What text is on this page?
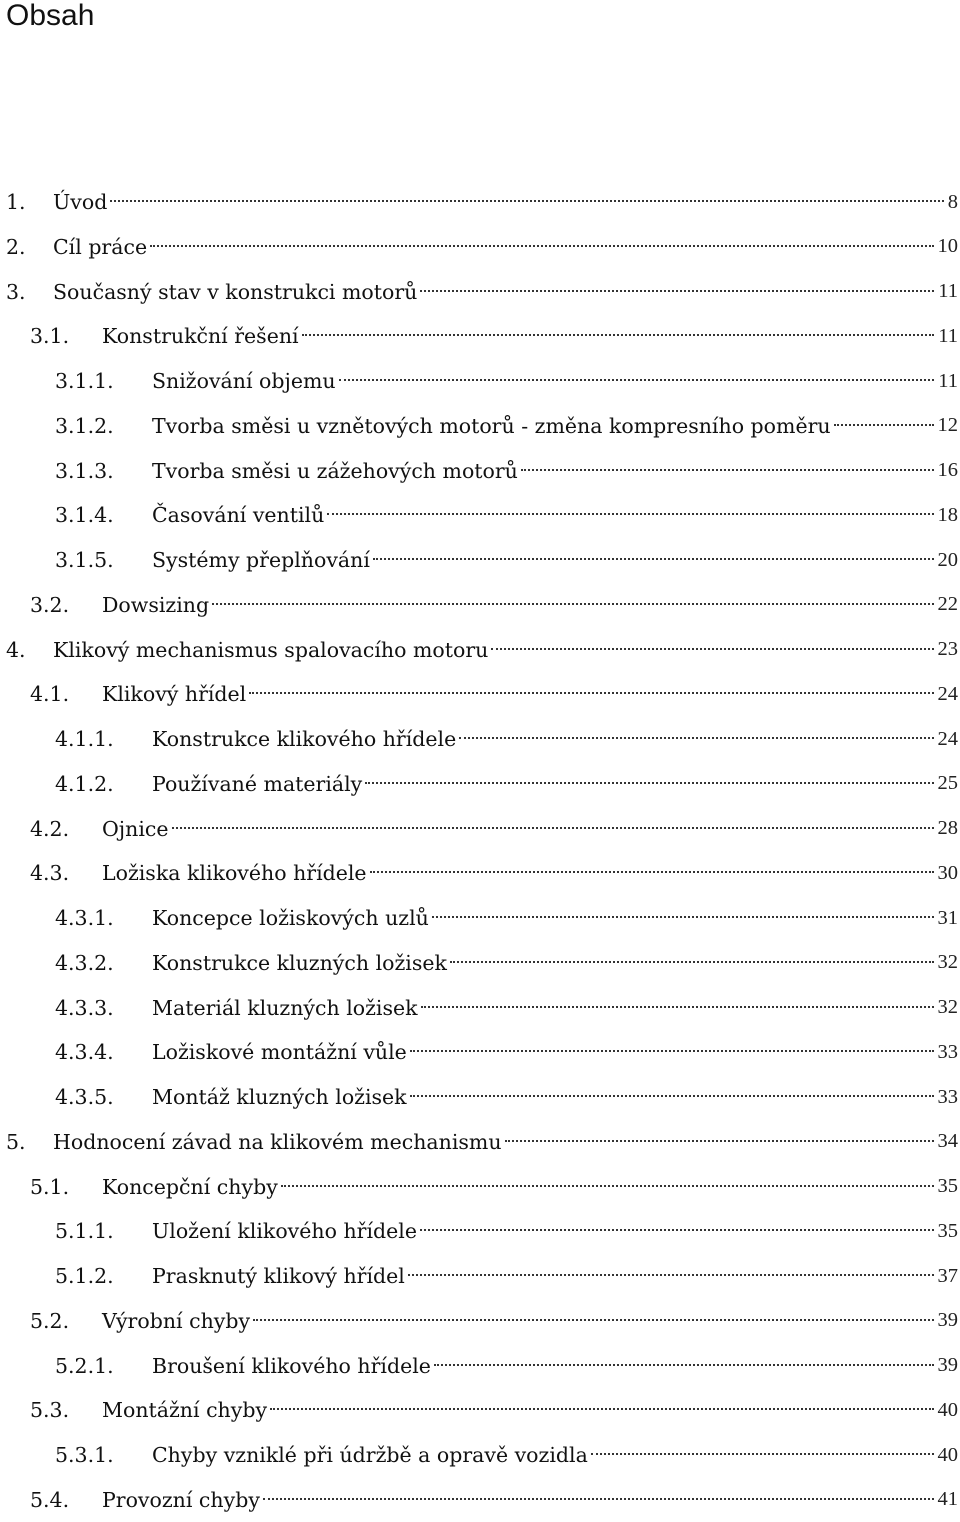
Obsah
1. Úvod	8
2. Cíl práce	10
3. Současný stav v konstrukci motorů	11
3.1. Konstrukční řešení	11
3.1.1. Snižování objemu	11
3.1.2. Tvorba směsi u vznětových motorů - změna kompresního poměru	12
3.1.3. Tvorba směsi u zážehových motorů	16
3.1.4. Časování ventilů	18
3.1.5. Systémy přeplňování	20
3.2. Dowsizing	22
4. Klikový mechanismus spalovacího motoru	23
4.1. Klikový hřídel	24
4.1.1. Konstrukce klikového hřídele	24
4.1.2. Používané materiály	25
4.2. Ojnice	28
4.3. Ložiska klikového hřídele	30
4.3.1. Koncepce ložiskových uzlů	31
4.3.2. Konstrukce kluzných ložisek	32
4.3.3. Materiál kluzných ložisek	32
4.3.4. Ložiskové montážní vůle	33
4.3.5. Montáž kluzných ložisek	33
5. Hodnocení závad na klikovém mechanismu	34
5.1. Koncepční chyby	35
5.1.1. Uložení klikového hřídele	35
5.1.2. Prasknutý klikový hřídel	37
5.2. Výrobní chyby	39
5.2.1. Broušení klikového hřídele	39
5.3. Montážní chyby	40
5.3.1. Chyby vzniklé při údržbě a opravě vozidla	40
5.4. Provozní chyby	41
